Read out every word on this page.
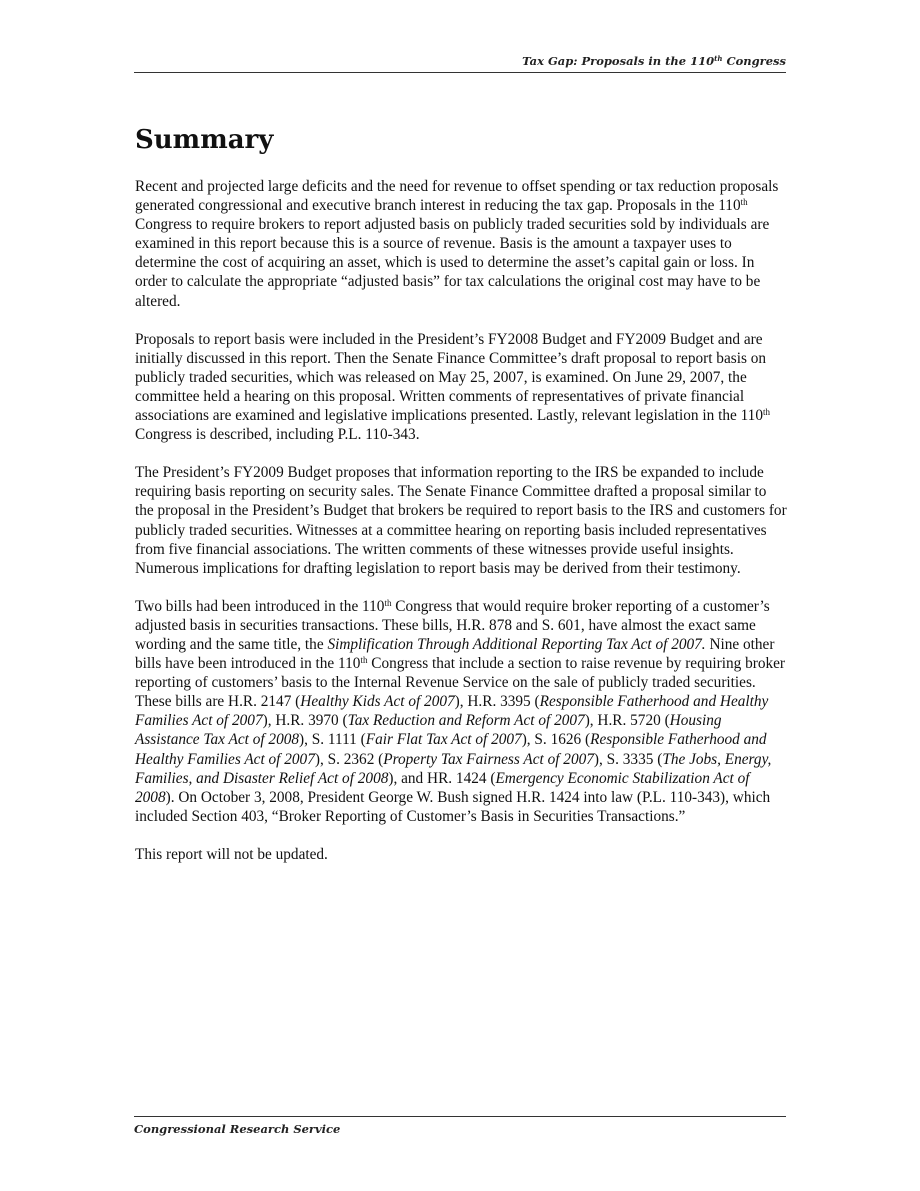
Tax Gap: Proposals in the 110th Congress
Summary

Recent and projected large deficits and the need for revenue to offset spending or tax reduction proposals generated congressional and executive branch interest in reducing the tax gap. Proposals in the 110th Congress to require brokers to report adjusted basis on publicly traded securities sold by individuals are examined in this report because this is a source of revenue. Basis is the amount a taxpayer uses to determine the cost of acquiring an asset, which is used to determine the asset’s capital gain or loss. In order to calculate the appropriate “adjusted basis” for tax calculations the original cost may have to be altered.

Proposals to report basis were included in the President’s FY2008 Budget and FY2009 Budget and are initially discussed in this report. Then the Senate Finance Committee’s draft proposal to report basis on publicly traded securities, which was released on May 25, 2007, is examined. On June 29, 2007, the committee held a hearing on this proposal. Written comments of representatives of private financial associations are examined and legislative implications presented. Lastly, relevant legislation in the 110th Congress is described, including P.L. 110-343.

The President’s FY2009 Budget proposes that information reporting to the IRS be expanded to include requiring basis reporting on security sales. The Senate Finance Committee drafted a proposal similar to the proposal in the President’s Budget that brokers be required to report basis to the IRS and customers for publicly traded securities. Witnesses at a committee hearing on reporting basis included representatives from five financial associations. The written comments of these witnesses provide useful insights. Numerous implications for drafting legislation to report basis may be derived from their testimony.

Two bills had been introduced in the 110th Congress that would require broker reporting of a customer’s adjusted basis in securities transactions. These bills, H.R. 878 and S. 601, have almost the exact same wording and the same title, the Simplification Through Additional Reporting Tax Act of 2007. Nine other bills have been introduced in the 110th Congress that include a section to raise revenue by requiring broker reporting of customers’ basis to the Internal Revenue Service on the sale of publicly traded securities. These bills are H.R. 2147 (Healthy Kids Act of 2007), H.R. 3395 (Responsible Fatherhood and Healthy Families Act of 2007), H.R. 3970 (Tax Reduction and Reform Act of 2007), H.R. 5720 (Housing Assistance Tax Act of 2008), S. 1111 (Fair Flat Tax Act of 2007), S. 1626 (Responsible Fatherhood and Healthy Families Act of 2007), S. 2362 (Property Tax Fairness Act of 2007), S. 3335 (The Jobs, Energy, Families, and Disaster Relief Act of 2008), and HR. 1424 (Emergency Economic Stabilization Act of 2008). On October 3, 2008, President George W. Bush signed H.R. 1424 into law (P.L. 110-343), which included Section 403, “Broker Reporting of Customer’s Basis in Securities Transactions.”

This report will not be updated.

Congressional Research Service
